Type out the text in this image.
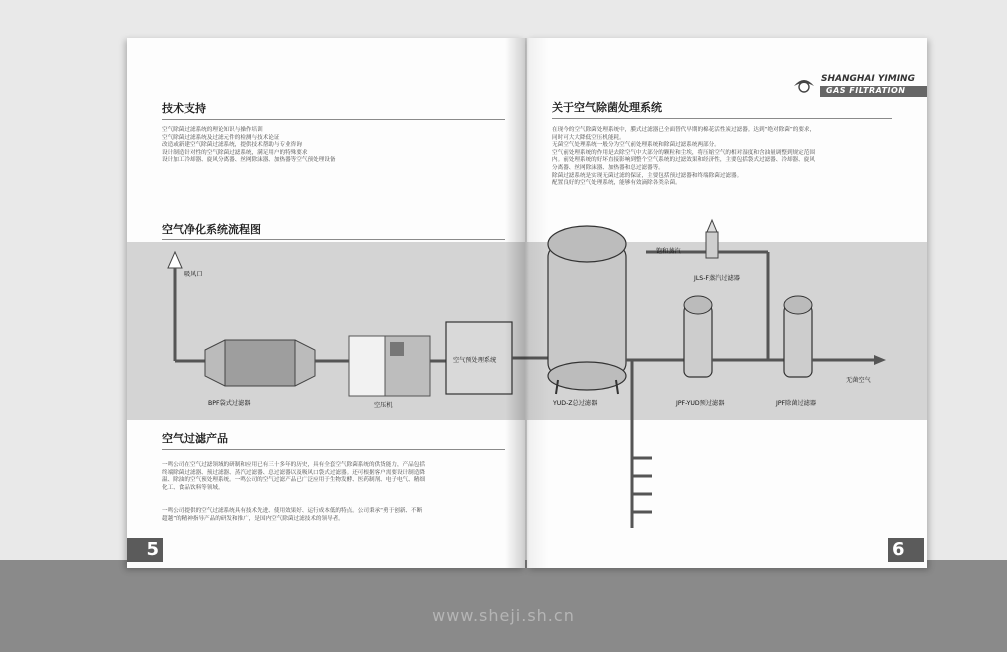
技术支持
空气除菌过滤系统的理论知识与操作培训
空气除菌过滤系统及过滤元件的检测与技术论证
改造或新建空气除菌过滤系统，提供技术帮助与专业咨询
设计制造针对性的空气除菌过滤系统，满足用户的特殊要求
设计加工冷却器、旋风分离器、丝网除沫器、加热器等空气预处理设备
空气净化系统流程图
空气过滤产品
一鸣公司在空气过滤领域的研制和应用已有三十多年的历史，具有全套空气除菌系统的供货能力，产品包括
终端除菌过滤器、预过滤器、蒸汽过滤器、总过滤器以及吸风口袋式过滤器。还可根据客户需要设计制造降
温、除油的空气预处理系统。一鸣公司的空气过滤产品已广泛应用于生物发酵、医药制剂、电子电气、精细
化工、食品饮料等领域。
一鸣公司提供的空气过滤系统具有技术先进、使用效果好、运行成本低的特点。公司秉承“勇于创新、不断
超越”的精神指导产品的研发和推广，是国内空气除菌过滤技术的领导者。
5
关于空气除菌处理系统
在现今的空气除菌处理系统中，膜式过滤器已全面替代早期的棉花活性炭过滤器。达到“绝对除菌”的要求，
同时可大大降低空压机能耗。
无菌空气处理系统一般分为空气前处理系统和除菌过滤系统两部分。
空气前处理系统的作用是去除空气中大部分的颗粒和尘埃，将压缩空气的相对湿度和含油量调整到规定范围
内。前处理系统的好坏直接影响到整个空气系统的过滤效果和经济性，主要包括袋式过滤器、冷却器、旋风
分离器、丝网除沫器、加热器和总过滤器等。
除菌过滤系统是实现无菌过滤的保证，主要包括预过滤器和终端除菌过滤器。
配置良好的空气处理系统，能够有效滴除各类杂菌。
6
SHANGHAI YIMING
GAS FILTRATION
吸风口
BPF袋式过滤器	空压机
空气预处理系统
YUD-Z总过滤器
饱和蒸汽
JLS-F蒸汽过滤器
JPF-YUD预过滤器	JPF除菌过滤器
无菌空气
www.sheji.sh.cn
